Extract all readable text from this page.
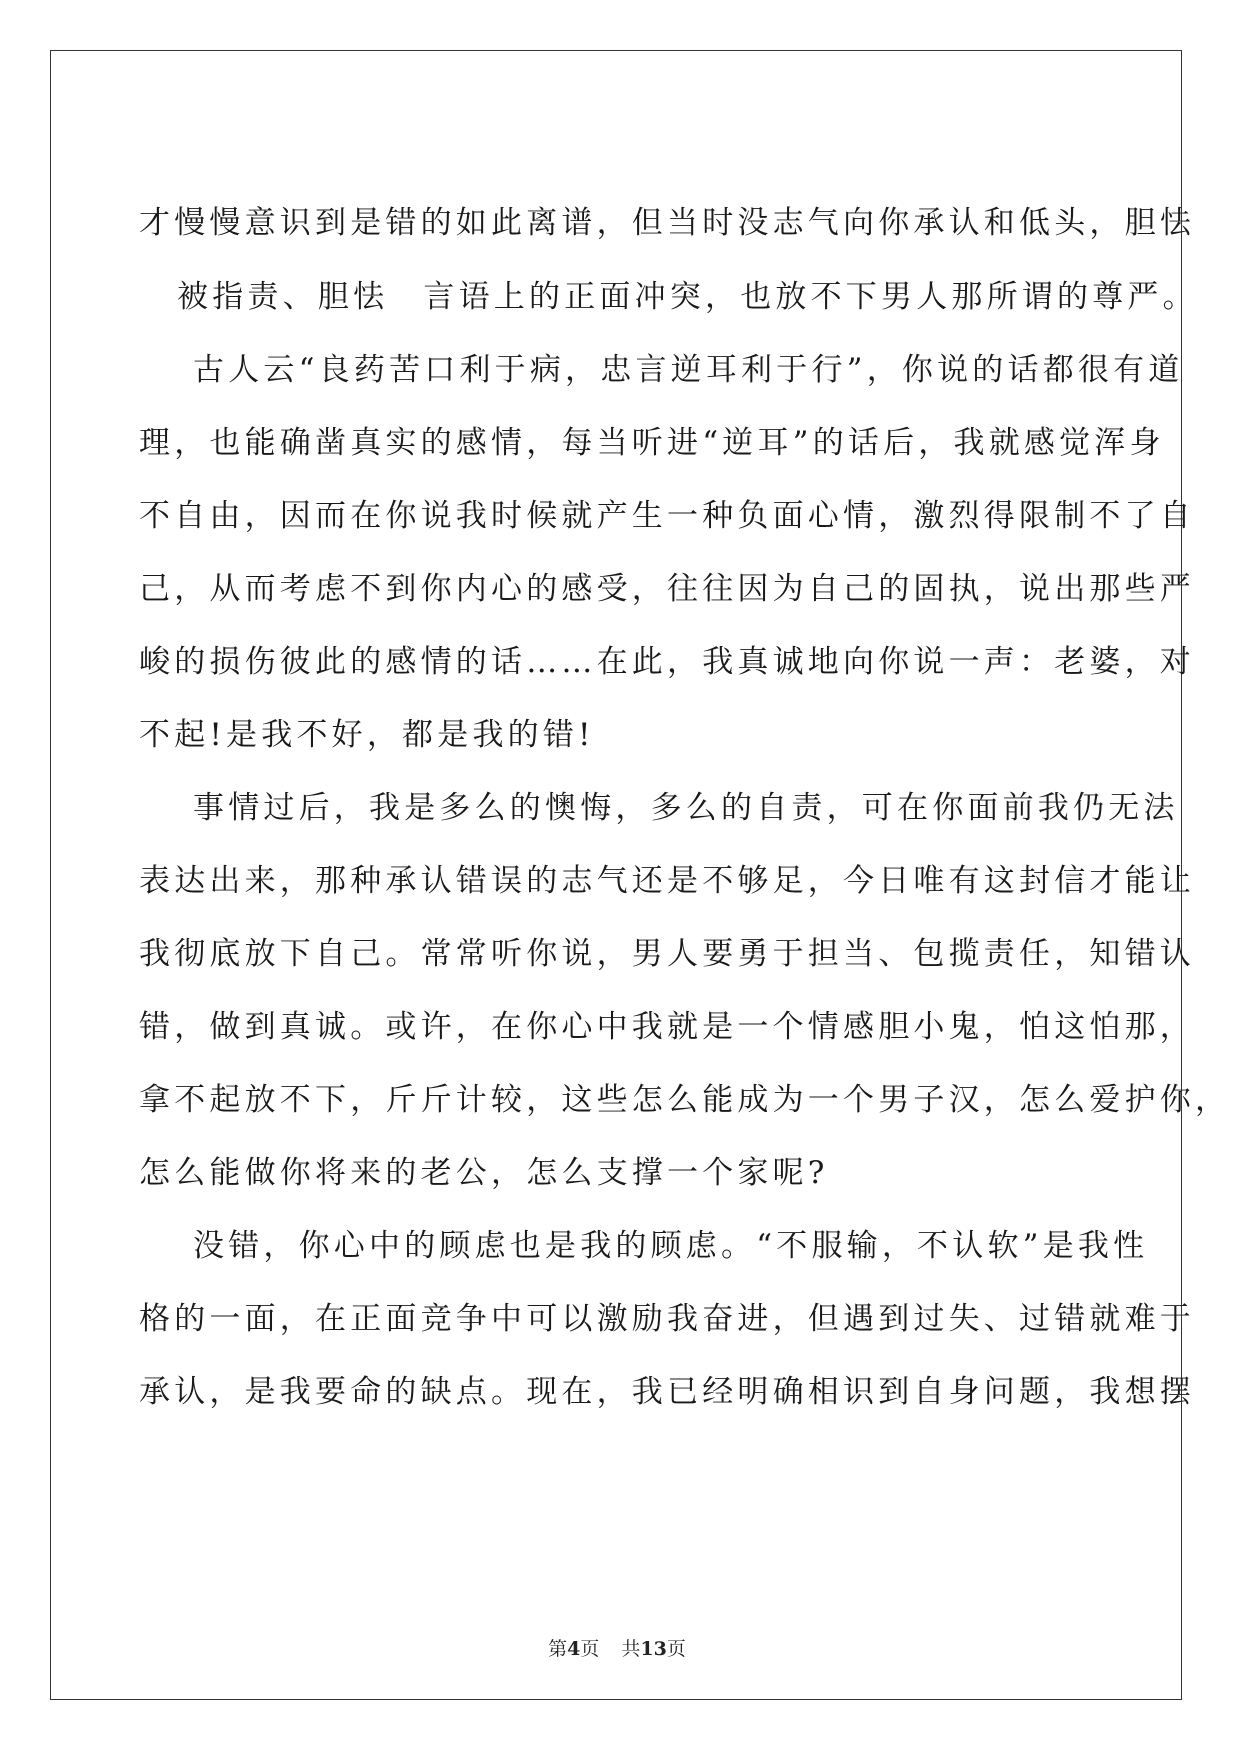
才慢慢意识到是错的如此离谱，但当时没志气向你承认和低头，胆怯
被指责、胆怯　言语上的正面冲突，也放不下男人那所谓的尊严。
古人云“良药苦口利于病，忠言逆耳利于行”，你说的话都很有道
理，也能确凿真实的感情，每当听进“逆耳”的话后，我就感觉浑身
不自由，因而在你说我时候就产生一种负面心情，激烈得限制不了自
己，从而考虑不到你内心的感受，往往因为自己的固执，说出那些严
峻的损伤彼此的感情的话……在此，我真诚地向你说一声：老婆，对
不起!是我不好，都是我的错!
事情过后，我是多么的懊悔，多么的自责，可在你面前我仍无法
表达出来，那种承认错误的志气还是不够足，今日唯有这封信才能让
我彻底放下自己。常常听你说，男人要勇于担当、包揽责任，知错认
错，做到真诚。或许，在你心中我就是一个情感胆小鬼，怕这怕那，
拿不起放不下，斤斤计较，这些怎么能成为一个男子汉，怎么爱护你，
怎么能做你将来的老公，怎么支撑一个家呢?
没错，你心中的顾虑也是我的顾虑。“不服输，不认软”是我性
格的一面，在正面竞争中可以激励我奋进，但遇到过失、过错就难于
承认，是我要命的缺点。现在，我已经明确相识到自身问题，我想摆
第4页 共13页
